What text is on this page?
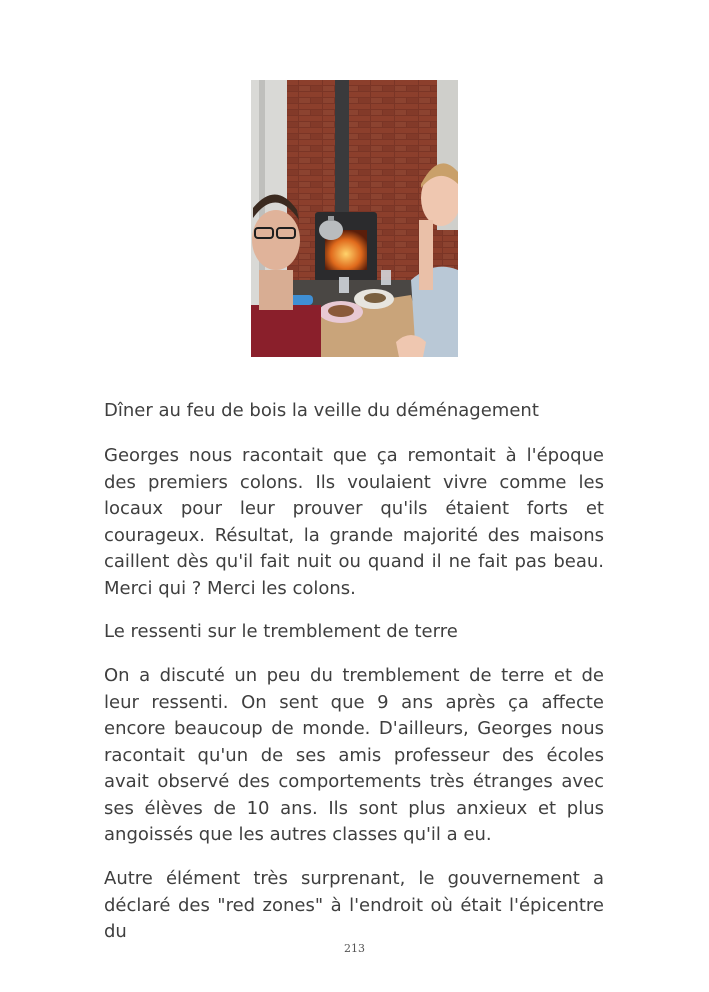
Dîner au feu de bois la veille du déménagement

Georges nous racontait que ça remontait à l'époque des premiers colons. Ils voulaient vivre comme les locaux pour leur prouver qu'ils étaient forts et courageux. Résultat, la grande majorité des maisons caillent dès qu'il fait nuit ou quand il ne fait pas beau. Merci qui ? Merci les colons.

Le ressenti sur le tremblement de terre

On a discuté un peu du tremblement de terre et de leur ressenti. On sent que 9 ans après ça affecte encore beaucoup de monde. D'ailleurs, Georges nous racontait qu'un de ses amis professeur des écoles avait observé des comportements très étranges avec ses élèves de 10 ans. Ils sont plus anxieux et plus angoissés que les autres classes qu'il a eu.

Autre élément très surprenant, le gouvernement a déclaré des "red zones" à l'endroit où était l'épicentre du

213
